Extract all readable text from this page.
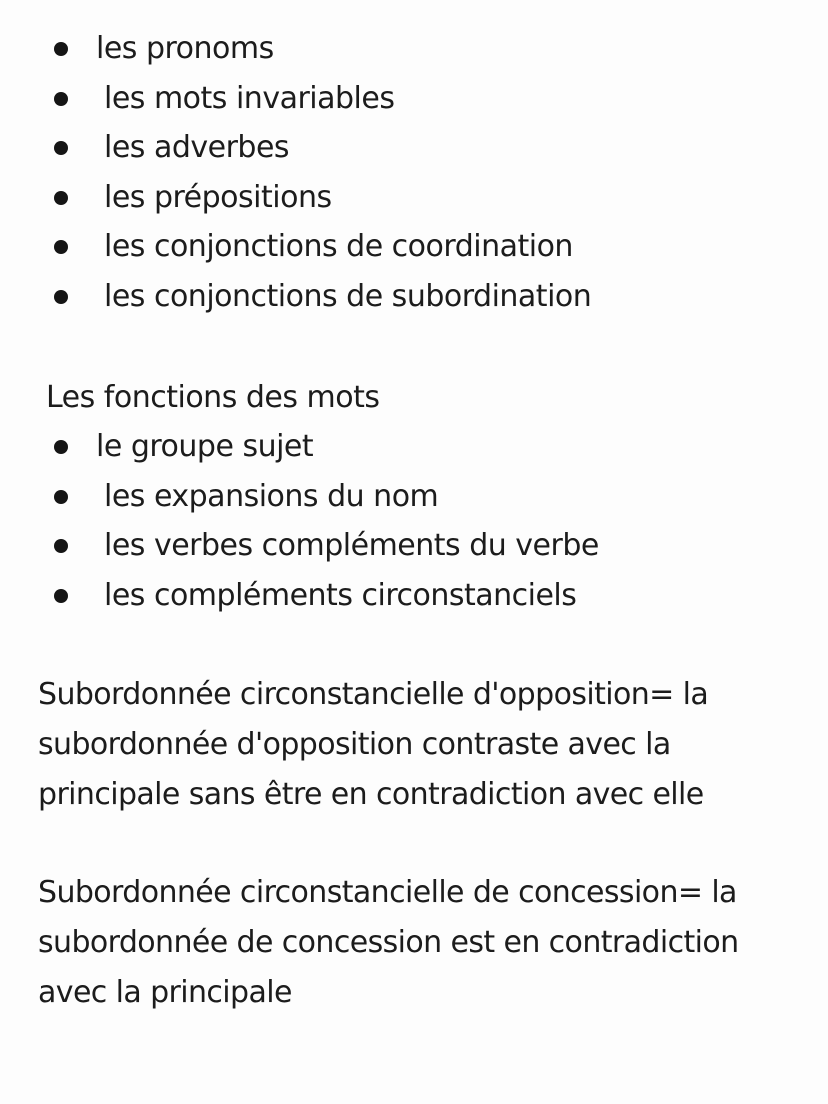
les pronoms
les mots invariables
les adverbes
les prépositions
les conjonctions de coordination
les conjonctions de subordination
Les fonctions des mots
le groupe sujet
les expansions du nom
les verbes compléments du verbe
les compléments circonstanciels

Subordonnée circonstancielle d'opposition= la subordonnée d'opposition contraste avec la principale sans être en contradiction avec elle

Subordonnée circonstancielle de concession= la subordonnée de concession est en contradiction avec la principale
